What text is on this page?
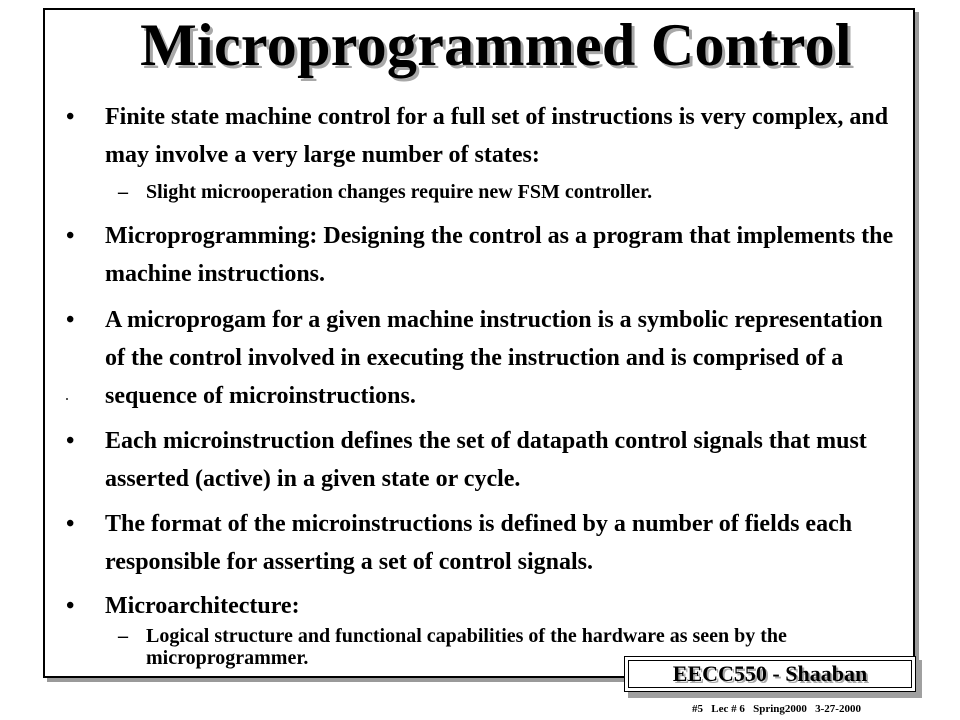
Microprogrammed Control
• Finite state machine control for a full set of instructions is very complex, and may involve a very large number of states:
– Slight microoperation changes require new FSM controller.
• Microprogramming: Designing the control as a program that implements the machine instructions.
• A microprogam for a given machine instruction is a symbolic representation of the control involved in executing the instruction and is comprised of a sequence of microinstructions.
• Each microinstruction defines the set of datapath control signals that must asserted (active) in a given state or cycle.
• The format of the microinstructions is defined by a number of fields each responsible for asserting a set of control signals.
• Microarchitecture:
– Logical structure and functional capabilities of the hardware as seen by the microprogrammer.
EECC550 - Shaaban
#5   Lec # 6   Spring2000   3-27-2000
